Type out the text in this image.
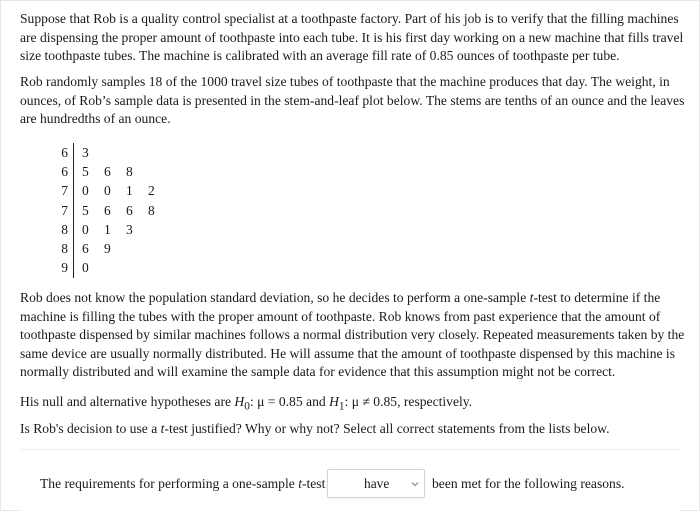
Suppose that Rob is a quality control specialist at a toothpaste factory. Part of his job is to verify that the filling machines are dispensing the proper amount of toothpaste into each tube. It is his first day working on a new machine that fills travel size toothpaste tubes. The machine is calibrated with an average fill rate of 0.85 ounces of toothpaste per tube.

Rob randomly samples 18 of the 1000 travel size tubes of toothpaste that the machine produces that day. The weight, in ounces, of Rob’s sample data is presented in the stem-and-leaf plot below. The stems are tenths of an ounce and the leaves are hundredths of an ounce.

6	3
6	5 6 8
7	0 0 1 2
7	5 6 6 8
8	0 1 3
8	6 9
9	0

Rob does not know the population standard deviation, so he decides to perform a one-sample t-test to determine if the machine is filling the tubes with the proper amount of toothpaste. Rob knows from past experience that the amount of toothpaste dispensed by similar machines follows a normal distribution very closely. Repeated measurements taken by the same device are usually normally distributed. He will assume that the amount of toothpaste dispensed by this machine is normally distributed and will examine the sample data for evidence that this assumption might not be correct.

His null and alternative hypotheses are $H_0$: μ = 0.85 and $H_1$: μ ≠ 0.85, respectively.

Is Rob's decision to use a t-test justified? Why or why not? Select all correct statements from the lists below.

The requirements for performing a one-sample t-test	have	been met for the following reasons.
